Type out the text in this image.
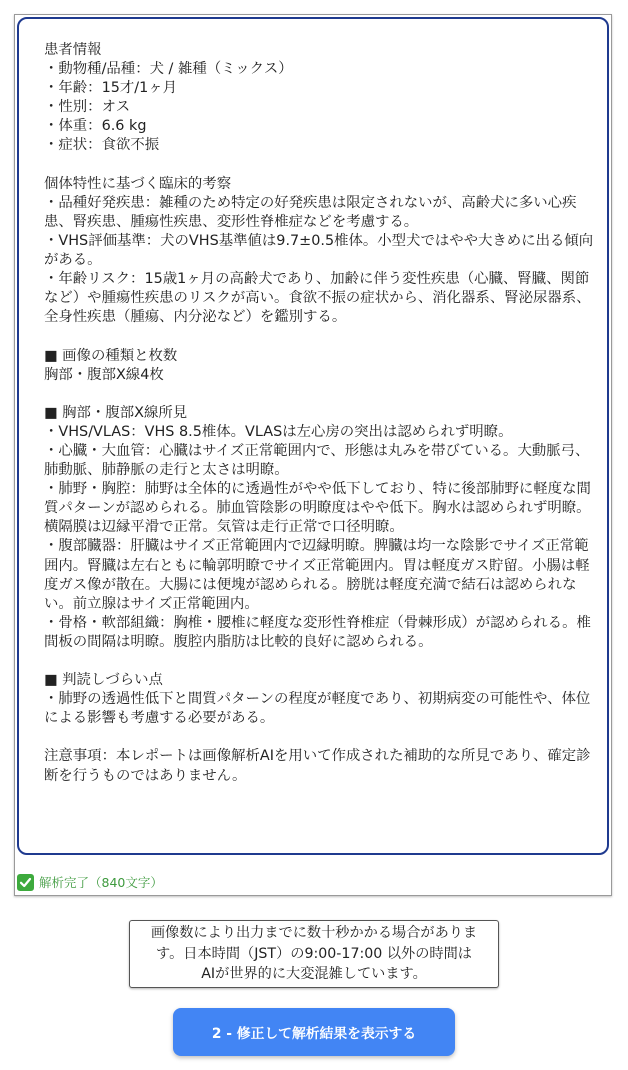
患者情報
・動物種/品種：犬 / 雑種（ミックス）
・年齢：15才/1ヶ月
・性別：オス
・体重：6.6 kg
・症状：食欲不振

個体特性に基づく臨床的考察
・品種好発疾患：雑種のため特定の好発疾患は限定されないが、高齢犬に多い心疾患、腎疾患、腫瘍性疾患、変形性脊椎症などを考慮する。
・VHS評価基準：犬のVHS基準値は9.7±0.5椎体。小型犬ではやや大きめに出る傾向がある。
・年齢リスク：15歳1ヶ月の高齢犬であり、加齢に伴う変性疾患（心臓、腎臓、関節など）や腫瘍性疾患のリスクが高い。食欲不振の症状から、消化器系、腎泌尿器系、全身性疾患（腫瘍、内分泌など）を鑑別する。

■ 画像の種類と枚数
胸部・腹部X線4枚

■ 胸部・腹部X線所見
・VHS/VLAS：VHS 8.5椎体。VLASは左心房の突出は認められず明瞭。
・心臓・大血管：心臓はサイズ正常範囲内で、形態は丸みを帯びている。大動脈弓、肺動脈、肺静脈の走行と太さは明瞭。
・肺野・胸腔：肺野は全体的に透過性がやや低下しており、特に後部肺野に軽度な間質パターンが認められる。肺血管陰影の明瞭度はやや低下。胸水は認められず明瞭。横隔膜は辺縁平滑で正常。気管は走行正常で口径明瞭。
・腹部臓器：肝臓はサイズ正常範囲内で辺縁明瞭。脾臓は均一な陰影でサイズ正常範囲内。腎臓は左右ともに輪郭明瞭でサイズ正常範囲内。胃は軽度ガス貯留。小腸は軽度ガス像が散在。大腸には便塊が認められる。膀胱は軽度充満で結石は認められない。前立腺はサイズ正常範囲内。
・骨格・軟部組織：胸椎・腰椎に軽度な変形性脊椎症（骨棘形成）が認められる。椎間板の間隔は明瞭。腹腔内脂肪は比較的良好に認められる。

■ 判読しづらい点
・肺野の透過性低下と間質パターンの程度が軽度であり、初期病変の可能性や、体位による影響も考慮する必要がある。

注意事項：本レポートは画像解析AIを用いて作成された補助的な所見であり、確定診断を行うものではありません。
解析完了（840文字）
画像数により出力までに数十秒かかる場合がありま
す。日本時間（JST）の9:00-17:00 以外の時間は
AIが世界的に大変混雑しています。
2 - 修正して解析結果を表示する
